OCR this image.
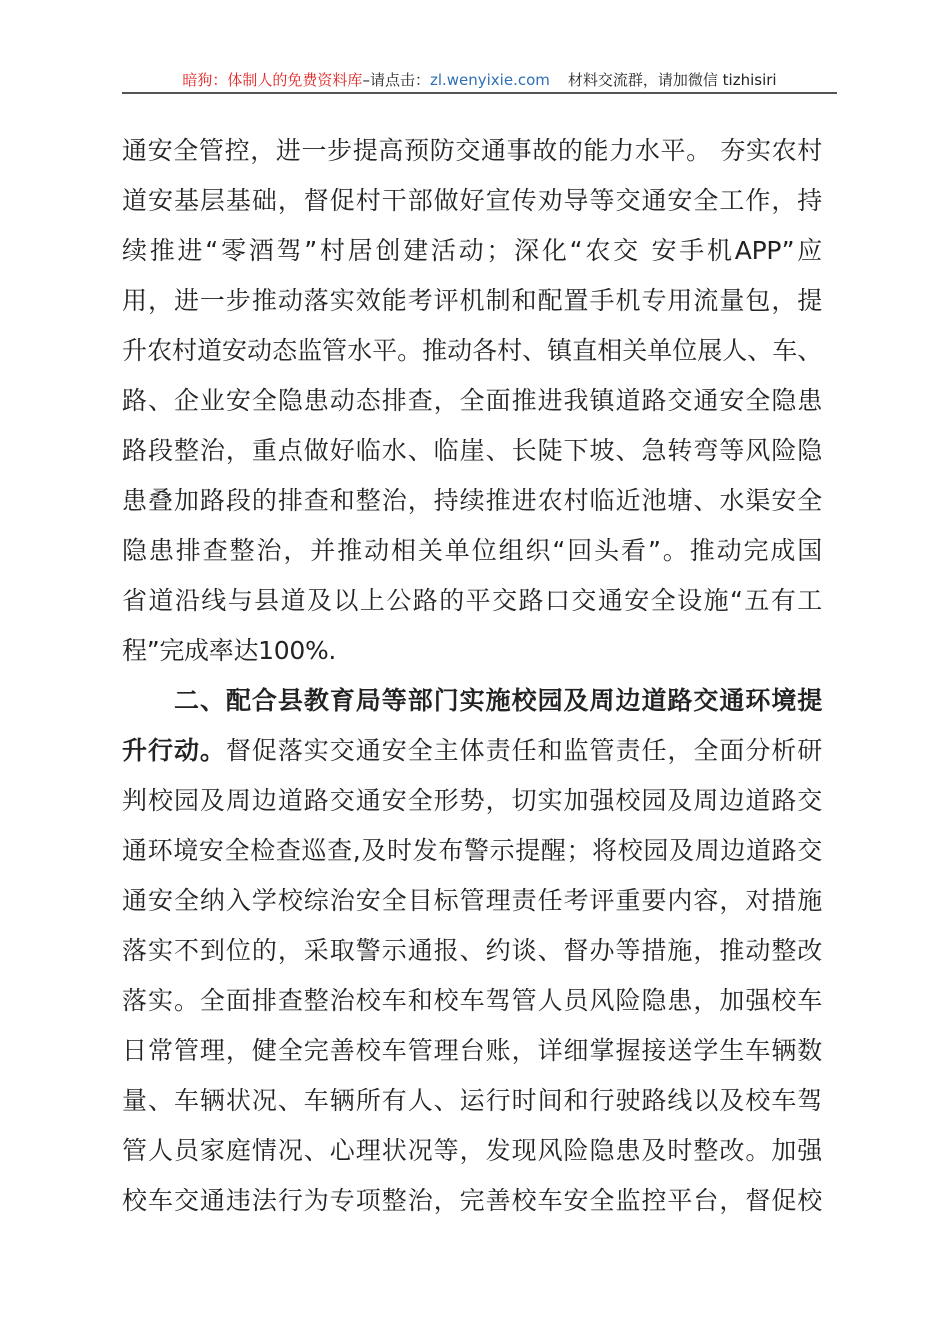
暗狗：体制人的免费资料库–请点击：zl.wenyixie.com 材料交流群，请加微信 tizhisiri
通安全管控，进一步提高预防交通事故的能力水平。 夯实农村
道安基层基础，督促村干部做好宣传劝导等交通安全工作，持
续推进“零酒驾”村居创建活动；深化“农交 安手机APP”应
用，进一步推动落实效能考评机制和配置手机专用流量包，提
升农村道安动态监管水平。推动各村、镇直相关单位展人、车、
路、企业安全隐患动态排查，全面推进我镇道路交通安全隐患
路段整治，重点做好临水、临崖、长陡下坡、急转弯等风险隐
患叠加路段的排查和整治，持续推进农村临近池塘、水渠安全
隐患排查整治，并推动相关单位组织“回头看”。推动完成国
省道沿线与县道及以上公路的平交路口交通安全设施“五有工
程”完成率达100%.
二、配合县教育局等部门实施校园及周边道路交通环境提
升行动。督促落实交通安全主体责任和监管责任，全面分析研
判校园及周边道路交通安全形势，切实加强校园及周边道路交
通环境安全检查巡查,及时发布警示提醒；将校园及周边道路交
通安全纳入学校综治安全目标管理责任考评重要内容，对措施
落实不到位的，采取警示通报、约谈、督办等措施，推动整改
落实。全面排查整治校车和校车驾管人员风险隐患，加强校车
日常管理，健全完善校车管理台账，详细掌握接送学生车辆数
量、车辆状况、车辆所有人、运行时间和行驶路线以及校车驾
管人员家庭情况、心理状况等，发现风险隐患及时整改。加强
校车交通违法行为专项整治，完善校车安全监控平台，督促校
